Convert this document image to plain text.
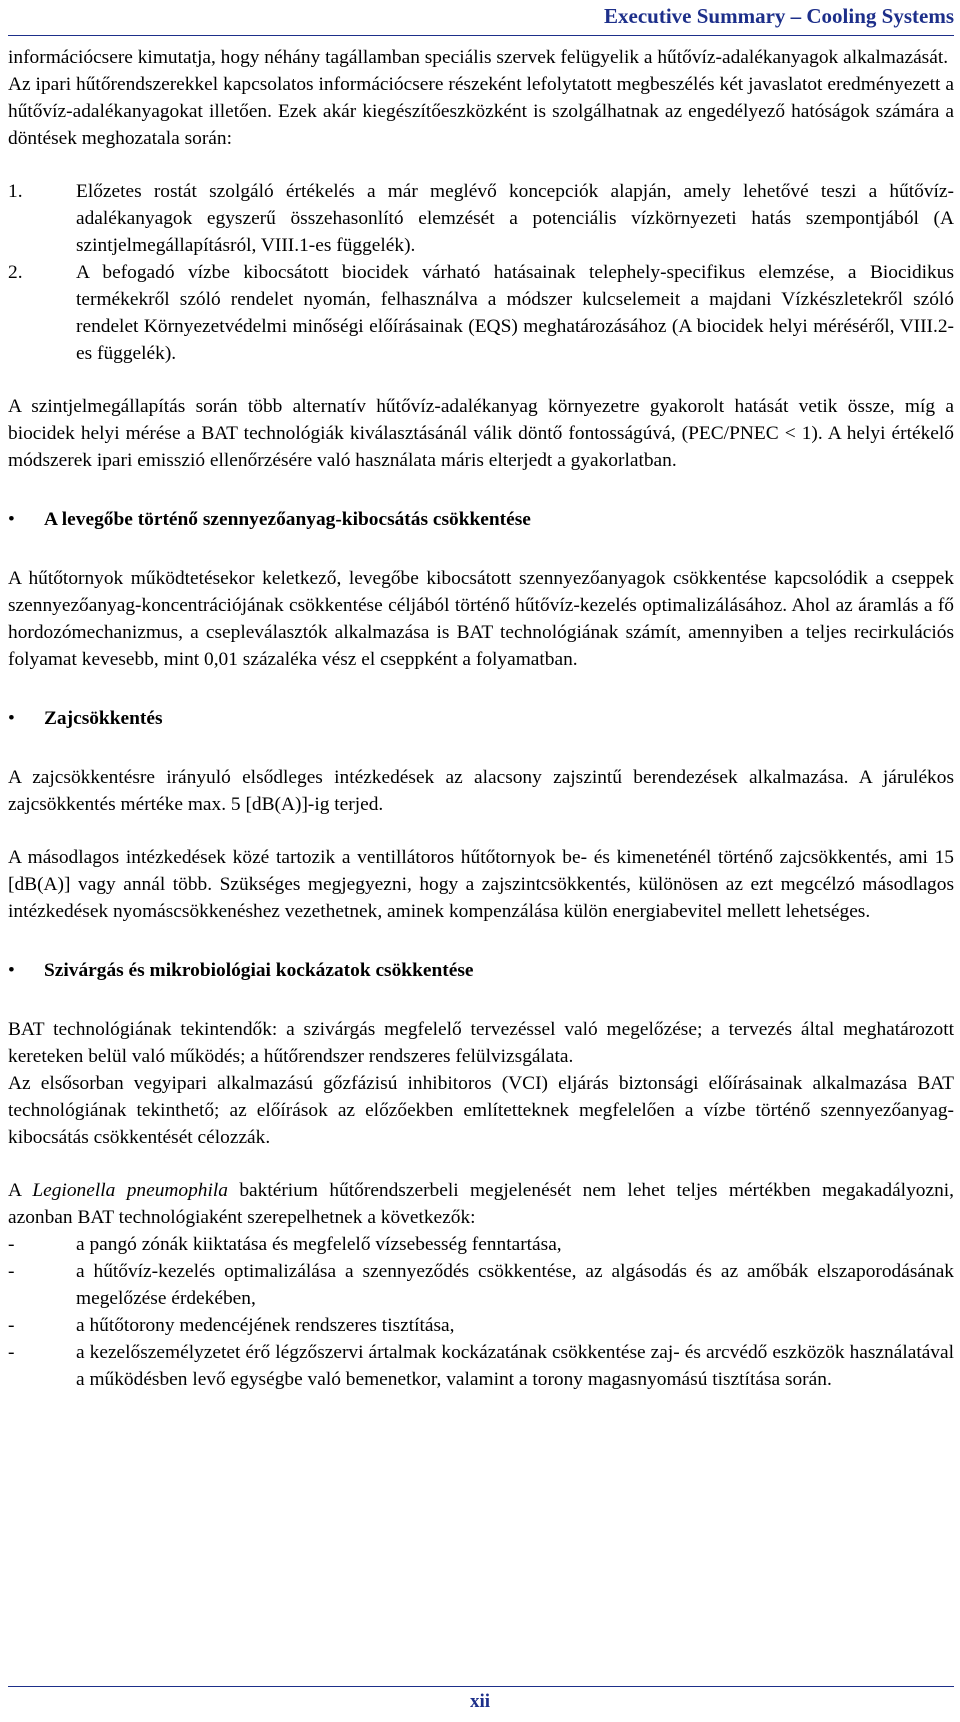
Executive Summary – Cooling Systems

információcsere kimutatja, hogy néhány tagállamban speciális szervek felügyelik a hűtővíz-adalékanyagok alkalmazását.

Az ipari hűtőrendszerekkel kapcsolatos információcsere részeként lefolytatott megbeszélés két javaslatot eredményezett a hűtővíz-adalékanyagokat illetően. Ezek akár kiegészítőeszközként is szolgálhatnak az engedélyező hatóságok számára a döntések meghozatala során:

1.	Előzetes rostát szolgáló értékelés a már meglévő koncepciók alapján, amely lehetővé teszi a hűtővíz-adalékanyagok egyszerű összehasonlító elemzését a potenciális vízkörnyezeti hatás szempontjából (A szintjelmegállapításról, VIII.1-es függelék).
2.	A befogadó vízbe kibocsátott biocidek várható hatásainak telephely-specifikus elemzése, a Biocidikus termékekről szóló rendelet nyomán, felhasználva a módszer kulcselemeit a majdani Vízkészletekről szóló rendelet Környezetvédelmi minőségi előírásainak (EQS) meghatározásához (A biocidek helyi méréséről, VIII.2-es függelék).

A szintjelmegállapítás során több alternatív hűtővíz-adalékanyag környezetre gyakorolt hatását vetik össze, míg a biocidek helyi mérése a BAT technológiák kiválasztásánál válik döntő fontosságúvá, (PEC/PNEC < 1). A helyi értékelő módszerek ipari emisszió ellenőrzésére való használata máris elterjedt a gyakorlatban.

•	A levegőbe történő szennyezőanyag-kibocsátás csökkentése

A hűtőtornyok működtetésekor keletkező, levegőbe kibocsátott szennyezőanyagok csökkentése kapcsolódik a cseppek szennyezőanyag-koncentrációjának csökkentése céljából történő hűtővíz-kezelés optimalizálásához. Ahol az áramlás a fő hordozómechanizmus, a csepleválasztók alkalmazása is BAT technológiának számít, amennyiben a teljes recirkulációs folyamat kevesebb, mint 0,01 százaléka vész el cseppként a folyamatban.

•	Zajcsökkentés

A zajcsökkentésre irányuló elsődleges intézkedések az alacsony zajszintű berendezések alkalmazása. A járulékos zajcsökkentés mértéke max. 5 [dB(A)]-ig terjed.

A másodlagos intézkedések közé tartozik a ventillátoros hűtőtornyok be- és kimeneténél történő zajcsökkentés, ami 15 [dB(A)] vagy annál több. Szükséges megjegyezni, hogy a zajszintcsökkentés, különösen az ezt megcélzó másodlagos intézkedések nyomáscsökkenéshez vezethetnek, aminek kompenzálása külön energiabevitel mellett lehetséges.

•	Szivárgás és mikrobiológiai kockázatok csökkentése

BAT technológiának tekintendők: a szivárgás megfelelő tervezéssel való megelőzése; a tervezés által meghatározott kereteken belül való működés; a hűtőrendszer rendszeres felülvizsgálata.

Az elsősorban vegyipari alkalmazású gőzfázisú inhibitoros (VCI) eljárás biztonsági előírásainak alkalmazása BAT technológiának tekinthető; az előírások az előzőekben említetteknek megfelelően a vízbe történő szennyezőanyag-kibocsátás csökkentését célozzák.

A Legionella pneumophila baktérium hűtőrendszerbeli megjelenését nem lehet teljes mértékben megakadályozni, azonban BAT technológiaként szerepelhetnek a következők:

-	a pangó zónák kiiktatása és megfelelő vízsebesség fenntartása,
-	a hűtővíz-kezelés optimalizálása a szennyeződés csökkentése, az algásodás és az amőbák elszaporodásának megelőzése érdekében,
-	a hűtőtorony medencéjének rendszeres tisztítása,
-	a kezelőszemélyzetet érő légzőszervi ártalmak kockázatának csökkentése zaj- és arcvédő eszközök használatával a működésben levő egységbe való bemenetkor, valamint a torony magasnyomású tisztítása során.
xii
